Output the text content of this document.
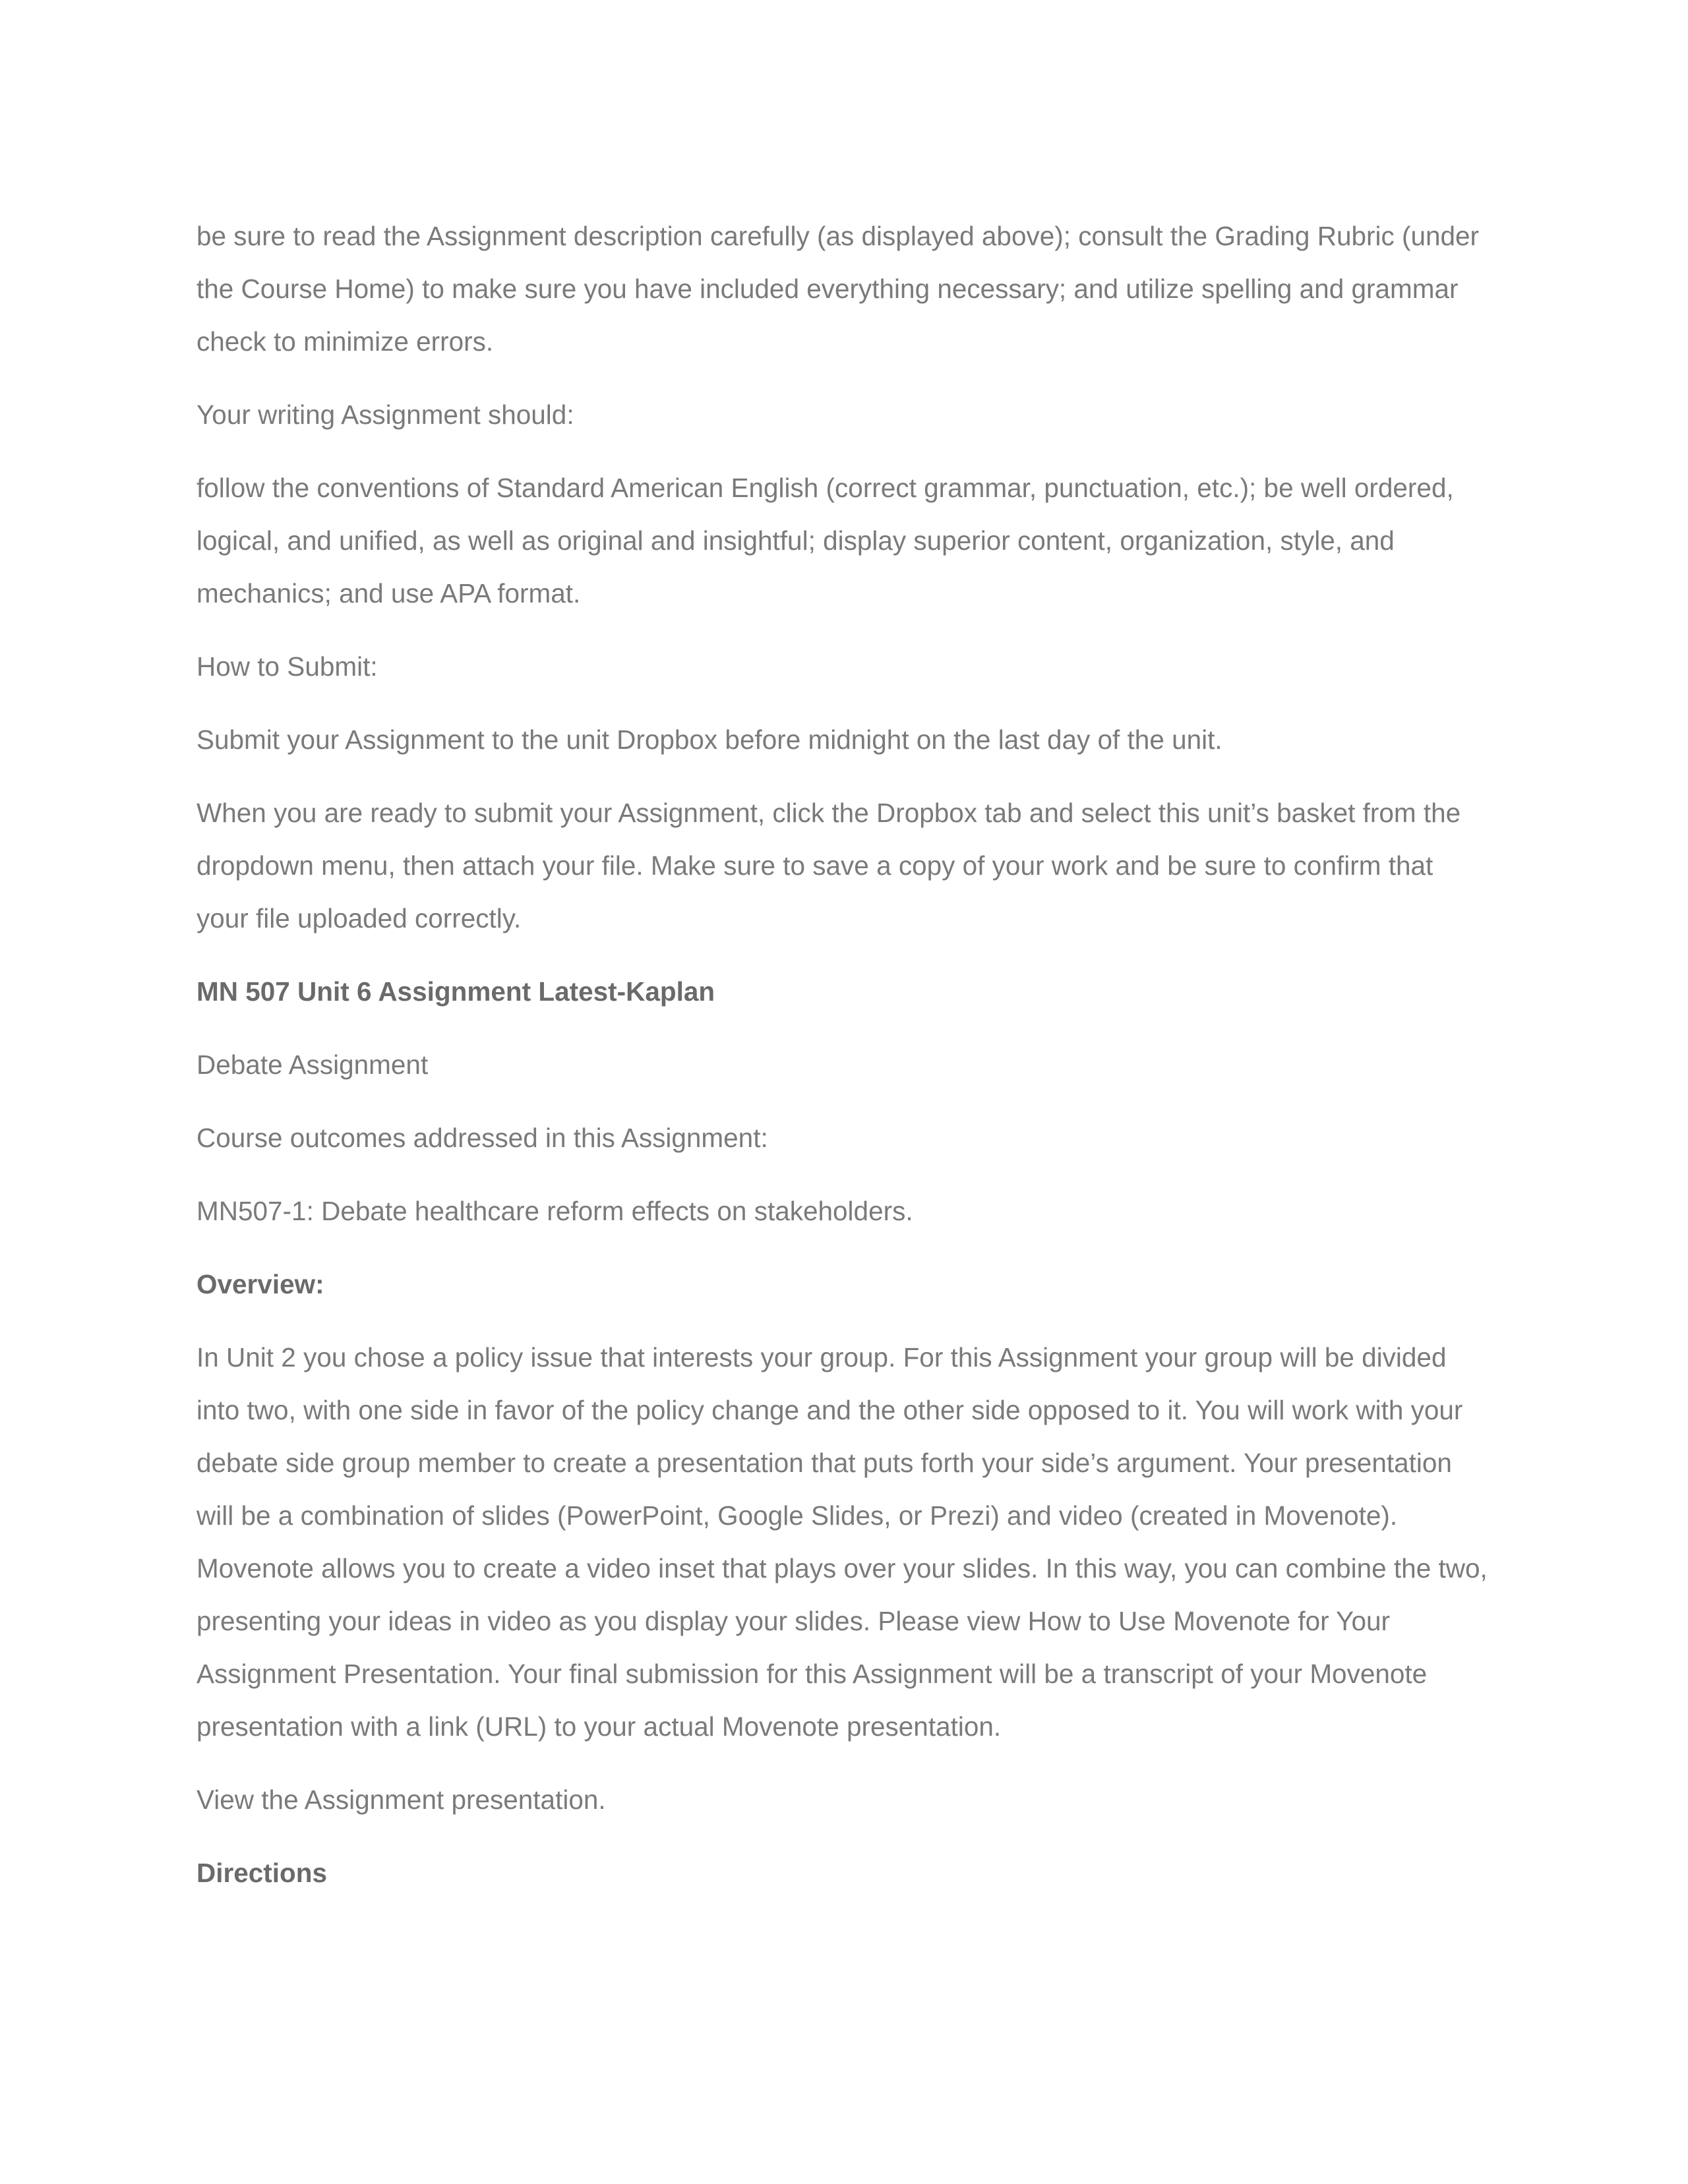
be sure to read the Assignment description carefully (as displayed above); consult the Grading Rubric (under the Course Home) to make sure you have included everything necessary; and utilize spelling and grammar check to minimize errors.

Your writing Assignment should:

follow the conventions of Standard American English (correct grammar, punctuation, etc.); be well ordered, logical, and unified, as well as original and insightful; display superior content, organization, style, and mechanics; and use APA format.

How to Submit:

Submit your Assignment to the unit Dropbox before midnight on the last day of the unit.

When you are ready to submit your Assignment, click the Dropbox tab and select this unit’s basket from the dropdown menu, then attach your file. Make sure to save a copy of your work and be sure to confirm that your file uploaded correctly.

MN 507 Unit 6 Assignment Latest-Kaplan

Debate Assignment

Course outcomes addressed in this Assignment:

MN507-1: Debate healthcare reform effects on stakeholders.

Overview:

In Unit 2 you chose a policy issue that interests your group. For this Assignment your group will be divided into two, with one side in favor of the policy change and the other side opposed to it. You will work with your debate side group member to create a presentation that puts forth your side’s argument. Your presentation will be a combination of slides (PowerPoint, Google Slides, or Prezi) and video (created in Movenote). Movenote allows you to create a video inset that plays over your slides. In this way, you can combine the two, presenting your ideas in video as you display your slides. Please view How to Use Movenote for Your Assignment Presentation. Your final submission for this Assignment will be a transcript of your Movenote presentation with a link (URL) to your actual Movenote presentation.

View the Assignment presentation.

Directions
